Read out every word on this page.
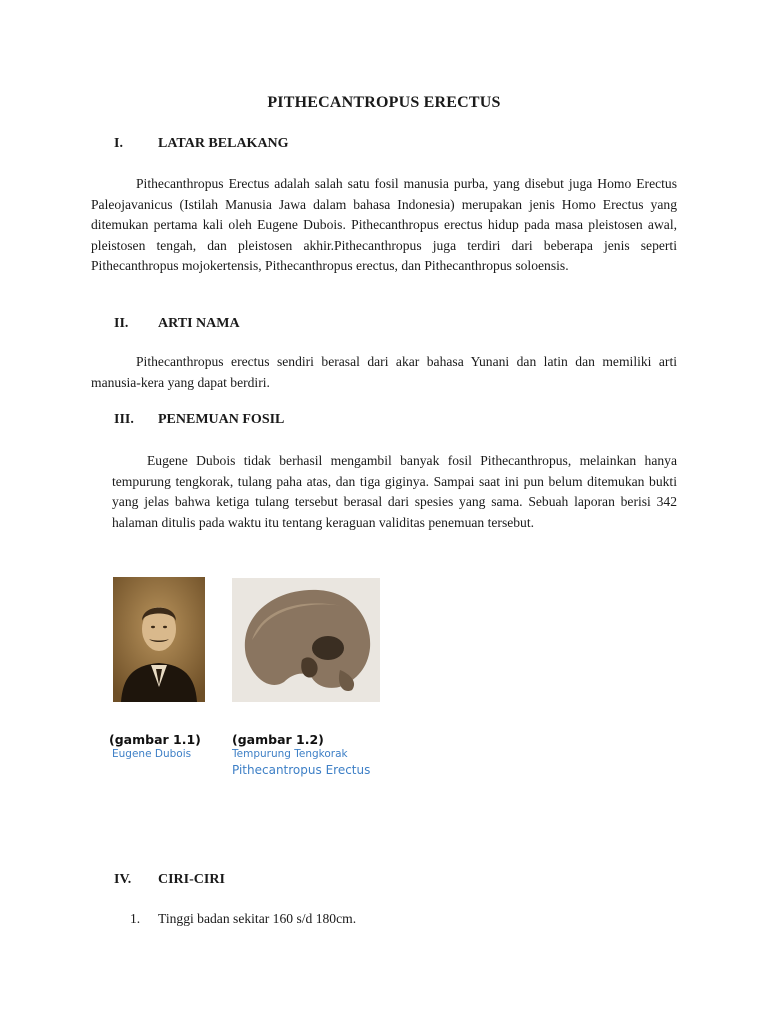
PITHECANTROPUS ERECTUS
I.	LATAR BELAKANG

Pithecanthropus Erectus adalah salah satu fosil manusia purba, yang disebut juga Homo Erectus Paleojavanicus (Istilah Manusia Jawa dalam bahasa Indonesia) merupakan jenis Homo Erectus yang ditemukan pertama kali oleh Eugene Dubois. Pithecanthropus erectus hidup pada masa pleistosen awal, pleistosen tengah, dan pleistosen akhir.Pithecanthropus juga terdiri dari beberapa jenis seperti Pithecanthropus mojokertensis, Pithecanthropus erectus, dan Pithecanthropus soloensis.

II. ARTI NAMA

Pithecanthropus erectus sendiri berasal dari akar bahasa Yunani dan latin dan memiliki arti manusia-kera yang dapat berdiri.

III. PENEMUAN FOSIL

Eugene Dubois tidak berhasil mengambil banyak fosil Pithecanthropus, melainkan hanya tempurung tengkorak, tulang paha atas, dan tiga giginya. Sampai saat ini pun belum ditemukan bukti yang jelas bahwa ketiga tulang tersebut berasal dari spesies yang sama. Sebuah laporan berisi 342 halaman ditulis pada waktu itu tentang keraguan validitas penemuan tersebut.

(gambar 1.1)
Eugene Dubois
(gambar 1.2)
Tempurung Tengkorak
Pithecantropus Erectus
IV. CIRI-CIRI
1. Tinggi badan sekitar 160 s/d 180cm.
